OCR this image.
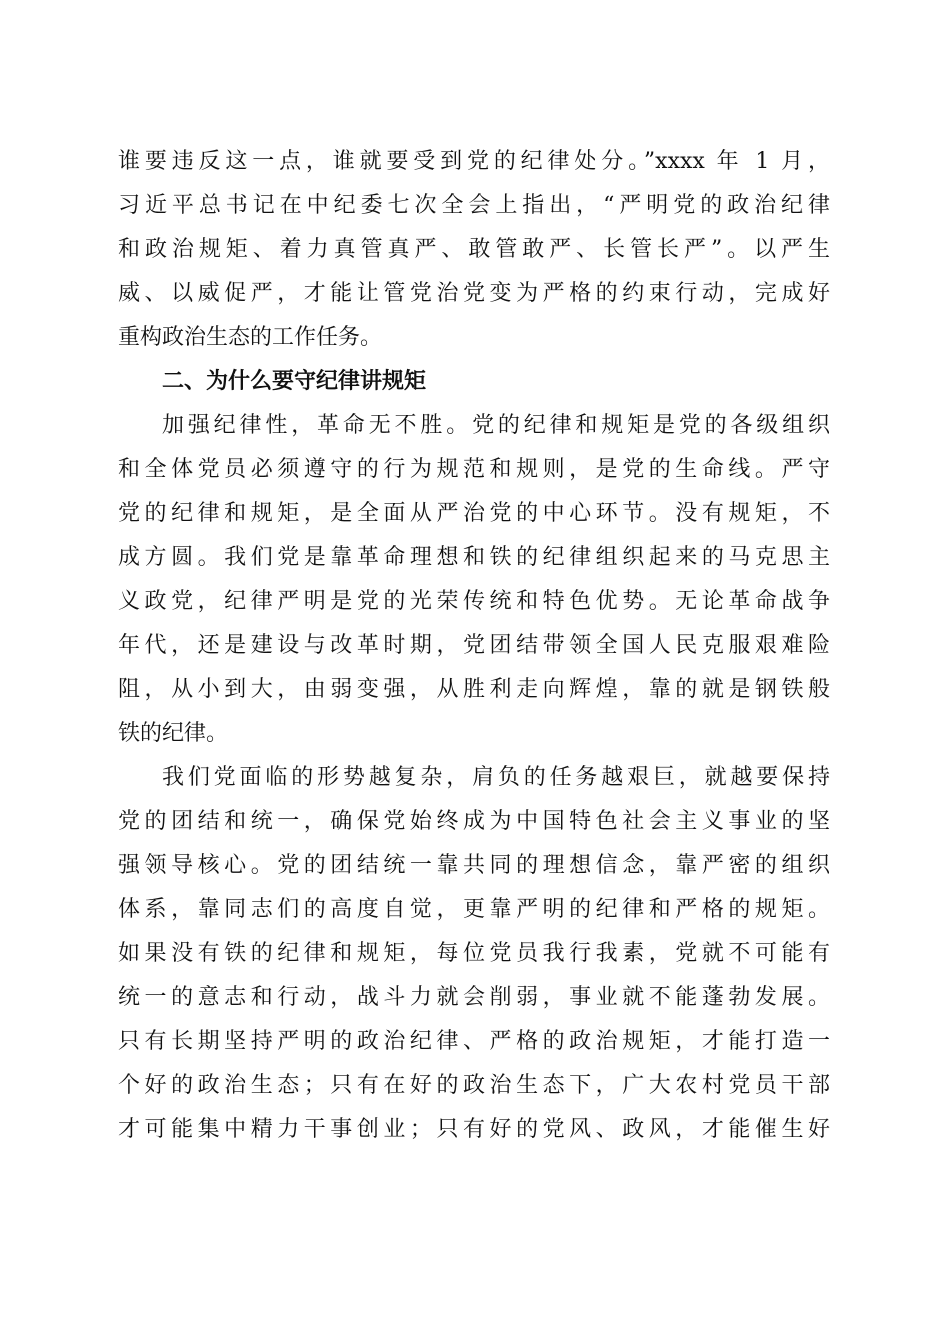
谁要违反这一点，谁就要受到党的纪律处分。”xxxx 年 1 月，
习近平总书记在中纪委七次全会上指出，“严明党的政治纪律
和政治规矩、着力真管真严、敢管敢严、长管长严”。以严生
威、以威促严，才能让管党治党变为严格的约束行动，完成好
重构政治生态的工作任务。
二、为什么要守纪律讲规矩
加强纪律性，革命无不胜。党的纪律和规矩是党的各级组织
和全体党员必须遵守的行为规范和规则，是党的生命线。严守
党的纪律和规矩，是全面从严治党的中心环节。没有规矩，不
成方圆。我们党是靠革命理想和铁的纪律组织起来的马克思主
义政党，纪律严明是党的光荣传统和特色优势。无论革命战争
年代，还是建设与改革时期，党团结带领全国人民克服艰难险
阻，从小到大，由弱变强，从胜利走向辉煌，靠的就是钢铁般
铁的纪律。
我们党面临的形势越复杂，肩负的任务越艰巨，就越要保持
党的团结和统一，确保党始终成为中国特色社会主义事业的坚
强领导核心。党的团结统一靠共同的理想信念，靠严密的组织
体系，靠同志们的高度自觉，更靠严明的纪律和严格的规矩。
如果没有铁的纪律和规矩，每位党员我行我素，党就不可能有
统一的意志和行动，战斗力就会削弱，事业就不能蓬勃发展。
只有长期坚持严明的政治纪律、严格的政治规矩，才能打造一
个好的政治生态；只有在好的政治生态下，广大农村党员干部
才可能集中精力干事创业；只有好的党风、政风，才能催生好
